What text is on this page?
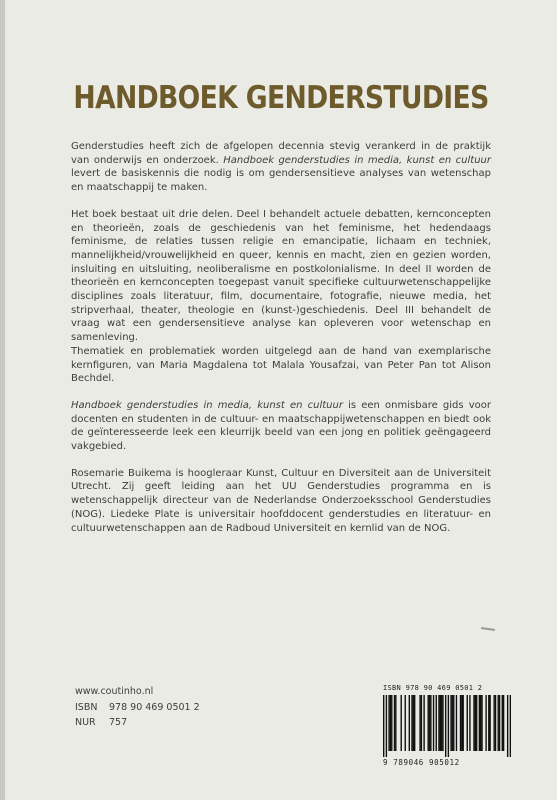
HANDBOEK GENDERSTUDIES

Genderstudies heeft zich de afgelopen decennia stevig verankerd in de praktijk van onderwijs en onderzoek. Handboek genderstudies in media, kunst en cultuur levert de basiskennis die nodig is om gendersensitieve analyses van wetenschap en maatschappij te maken.

Het boek bestaat uit drie delen. Deel I behandelt actuele debatten, kernconcepten en theorieën, zoals de geschiedenis van het feminisme, het hedendaags feminisme, de relaties tussen religie en emancipatie, lichaam en techniek, mannelijkheid/vrouwelijkheid en queer, kennis en macht, zien en gezien worden, insluiting en uitsluiting, neoliberalisme en postkolonialisme. In deel II worden de theorieën en kernconcepten toegepast vanuit specifieke cultuurwetenschappelijke disciplines zoals literatuur, film, documentaire, fotografie, nieuwe media, het stripverhaal, theater, theologie en (kunst-)geschiedenis. Deel III behandelt de vraag wat een gendersensitieve analyse kan opleveren voor wetenschap en samenleving.

Thematiek en problematiek worden uitgelegd aan de hand van exemplarische kernfiguren, van Maria Magdalena tot Malala Yousafzai, van Peter Pan tot Alison Bechdel.

Handboek genderstudies in media, kunst en cultuur is een onmisbare gids voor docenten en studenten in de cultuur- en maatschappijwetenschappen en biedt ook de geïnteresseerde leek een kleurrijk beeld van een jong en politiek geëngageerd vakgebied.

Rosemarie Buikema is hoogleraar Kunst, Cultuur en Diversiteit aan de Universiteit Utrecht. Zij geeft leiding aan het UU Genderstudies programma en is wetenschappelijk directeur van de Nederlandse Onderzoeksschool Genderstudies (NOG). Liedeke Plate is universitair hoofddocent genderstudies en literatuur- en cultuurwetenschappen aan de Radboud Universiteit en kernlid van de NOG.

www.coutinho.nl
ISBN 978 90 469 0501 2
NUR 757
ISBN 978 90 469 0501 2
9 789046 905012
